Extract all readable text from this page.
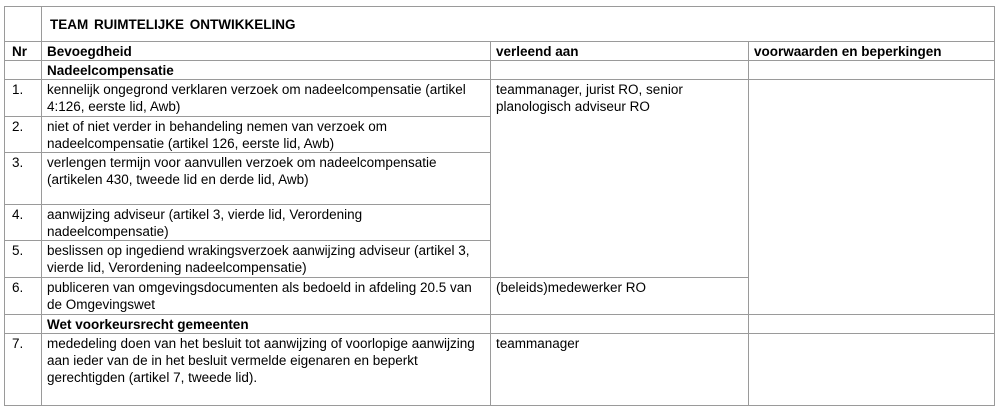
	TEAM RUIMTELIJKE ONTWIKKELING		
Nr	Bevoegdheid	verleend aan	voorwaarden en beperkingen
	Nadeelcompensatie		
1.	kennelijk ongegrond verklaren verzoek om nadeelcompensatie (artikel 4:126, eerste lid, Awb)	teammanager, jurist RO, senior planologisch adviseur RO	
2.	niet of niet verder in behandeling nemen van verzoek om nadeelcompensatie (artikel 126, eerste lid, Awb)		
3.	verlengen termijn voor aanvullen verzoek om nadeelcompensatie (artikelen 430, tweede lid en derde lid, Awb)		
4.	aanwijzing adviseur (artikel 3, vierde lid, Verordening nadeelcompensatie)		
5.	beslissen op ingediend wrakingsverzoek aanwijzing adviseur (artikel 3, vierde lid, Verordening nadeelcompensatie)		
6.	publiceren van omgevingsdocumenten als bedoeld in afdeling 20.5 van de Omgevingswet	(beleids)medewerker RO	
	Wet voorkeursrecht gemeenten		
7.	mededeling doen van het besluit tot aanwijzing of voorlopige aanwijzing aan ieder van de in het besluit vermelde eigenaren en beperkt gerechtigden (artikel 7, tweede lid).	teammanager	
